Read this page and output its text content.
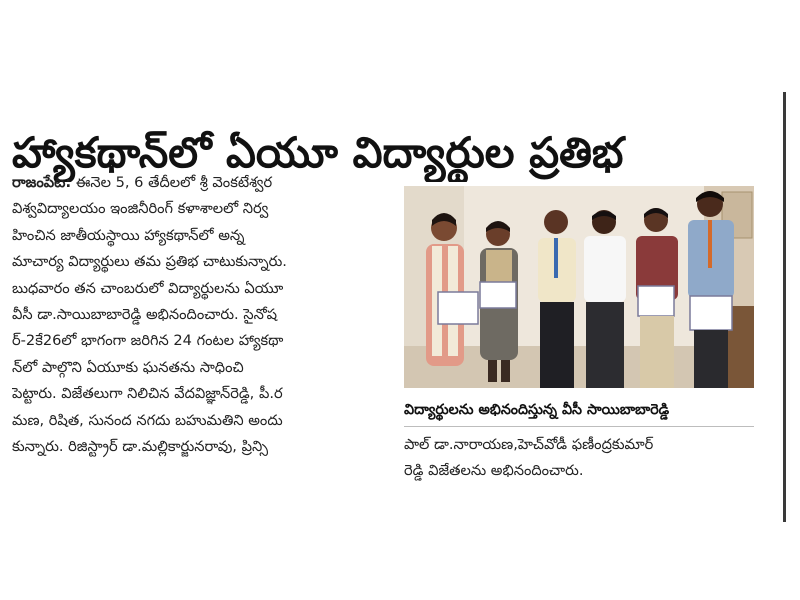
హ్యాకథాన్‌లో ఏయూ విద్యార్థుల ప్రతిభ
రాజంపేట: ఈనెల 5, 6 తేదీలలో శ్రీ వెంకటేశ్వర
విశ్వవిద్యాలయం ఇంజినీరింగ్ కళాశాలలో నిర్వ
హించిన జాతీయస్థాయి హ్యాకథాన్‌లో అన్న
మాచార్య విద్యార్థులు తమ ప్రతిభ చాటుకున్నారు.
బుధవారం తన చాంబరులో విద్యార్థులను ఏయూ
వీసీ డా.సాయిబాబారెడ్డి అభినందించారు. సైనోష
ర్-2కే26లో భాగంగా జరిగిన 24 గంటల హ్యాకథా
న్‌లో పాల్గొని ఏయూకు ఘనతను సాధించి
పెట్టారు. విజేతలుగా నిలిచిన వేదవిజ్ఞాన్‌రెడ్డి, పీ.ర
మణ, రిషిత, సునంద నగదు బహుమతిని అందు
కున్నారు. రిజిస్ట్రార్ డా.మల్లికార్జునరావు, ప్రిన్సి
విద్యార్థులను అభినందిస్తున్న వీసీ సాయిబాబారెడ్డి
పాల్ డా.నారాయణ,హెచ్‌వోడీ ఫణీంద్రకుమార్
రెడ్డి విజేతలను అభినందించారు.
